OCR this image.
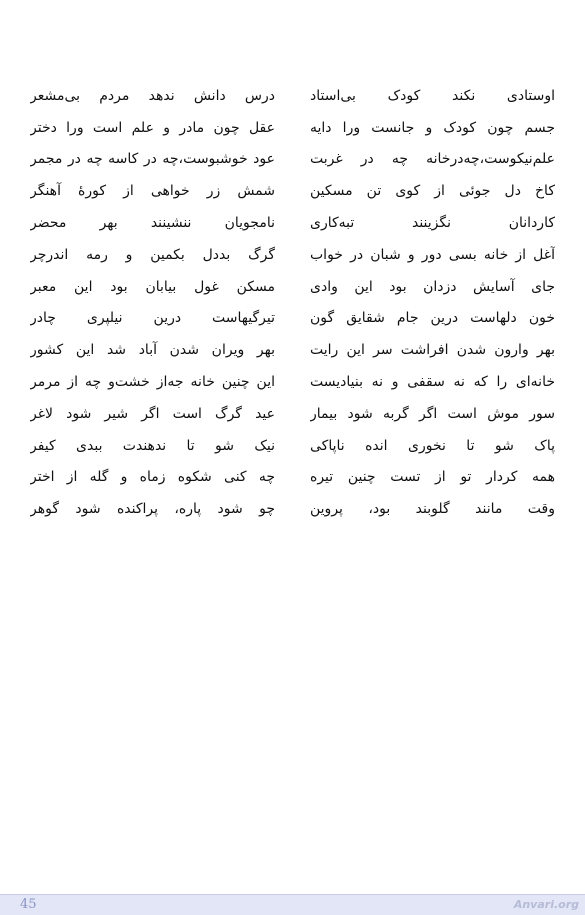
اوستادی نکند کودک بی‌استاد
درس دانش ندهد مردم بی‌مشعر
جسم چون کودک و جانست ورا دایه
عقل چون مادر و علم است ورا دختر
علم‌نیکوست،چه‌درخانه چه در غربت
عود خوشبوست،چه در کاسه چه در مجمر
کاخ دل جوئی از کوی تن مسکین
شمش زر خواهی از کورهٔ آهنگر
کاردانان نگزینند تبه‌کاری
نامجویان ننشینند بهر محضر
آغل از خانه بسی دور و شبان در خواب
گرگ بددل بکمین و رمه اندرچر
جای آسایش دزدان بود این وادی
مسکن غول بیابان بود این معبر
خون دلهاست درین جام شقایق گون
تیرگیهاست درین نیلپری چادر
بهر وارون شدن افراشت سر این رایت
بهر ویران شدن آباد شد این کشور
خانه‌ای را که نه سقفی و نه بنیادیست
این چنین خانه جه‌از خشت‌و چه از مرمر
سور موش است اگر گربه شود بیمار
عید گرگ است اگر شیر شود لاغر
پاک شو تا نخوری انده ناپاکی
نیک شو تا ندهندت ببدی کیفر
همه کردار تو از تست چنین تیره
چه کنی شکوه زماه و گله از اختر
وقت مانند گلوبند بود، پروین
چو شود پاره، پراکنده شود گوهر
45	Anvari.org
